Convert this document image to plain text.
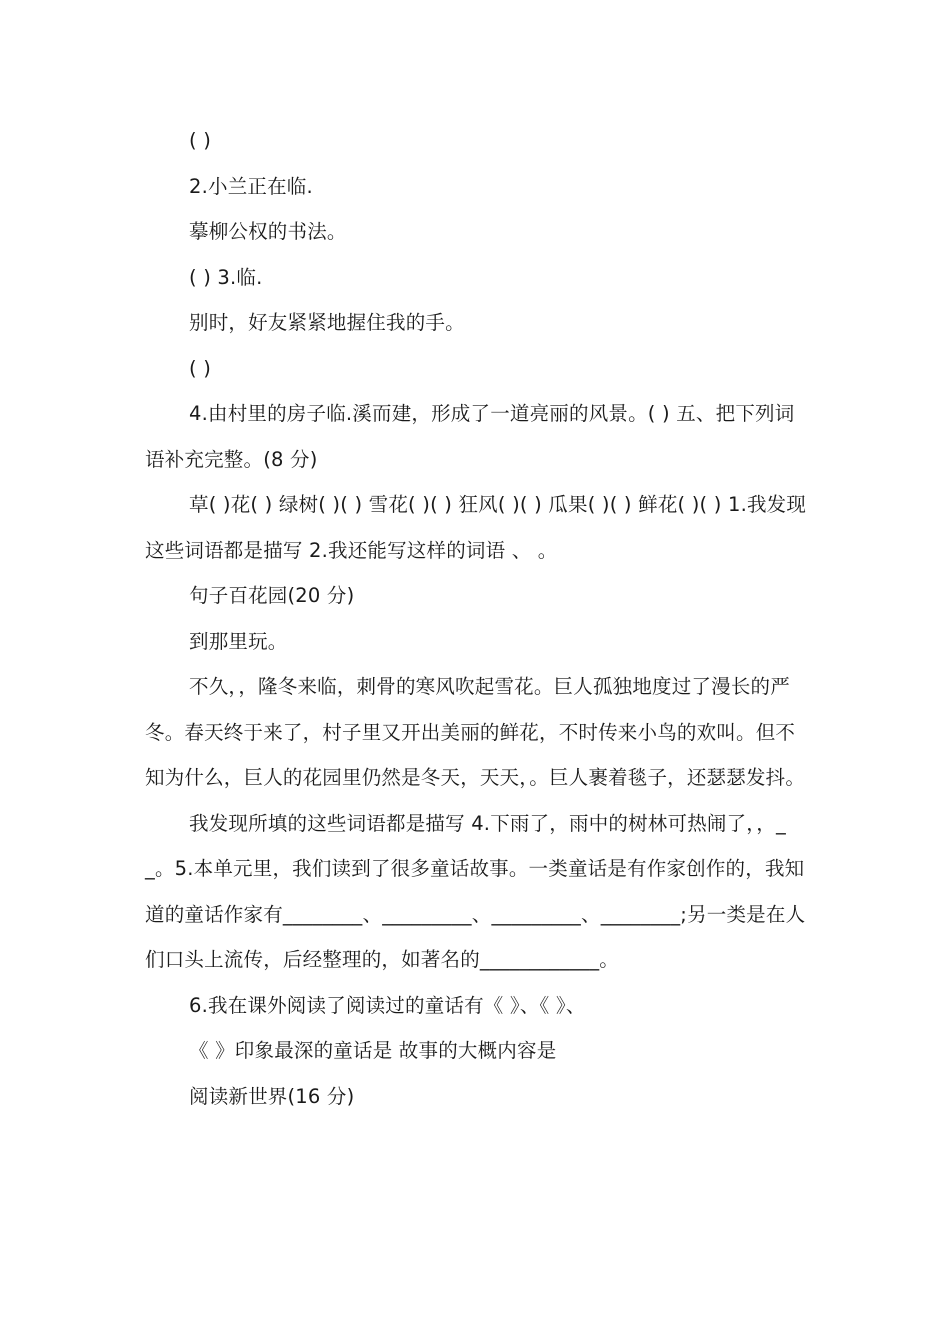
( )

2.小兰正在临.

摹柳公权的书法。

( ) 3.临.

别时，好友紧紧地握住我的手。

( )

4.由村里的房子临.溪而建，形成了一道亮丽的风景。( ) 五、把下列词语补充完整。(8 分)

草( )花( ) 绿树( )( ) 雪花( )( ) 狂风( )( ) 瓜果( )( ) 鲜花( )( ) 1.我发现这些词语都是描写 2.我还能写这样的词语 、 。

句子百花园(20 分)

到那里玩。

不久，，隆冬来临，刺骨的寒风吹起雪花。巨人孤独地度过了漫长的严冬。春天终于来了，村子里又开出美丽的鲜花，不时传来小鸟的欢叫。但不知为什么，巨人的花园里仍然是冬天，天天，。巨人裹着毯子，还瑟瑟发抖。

我发现所填的这些词语都是描写 4.下雨了，雨中的树林可热闹了，，__。5.本单元里，我们读到了很多童话故事。一类童话是有作家创作的，我知道的童话作家有________、_________、_________、________;另一类是在人们口头上流传，后经整理的，如著名的____________。

6.我在课外阅读了阅读过的童话有《 》、《 》、

《 》印象最深的童话是 故事的大概内容是

阅读新世界(16 分)
